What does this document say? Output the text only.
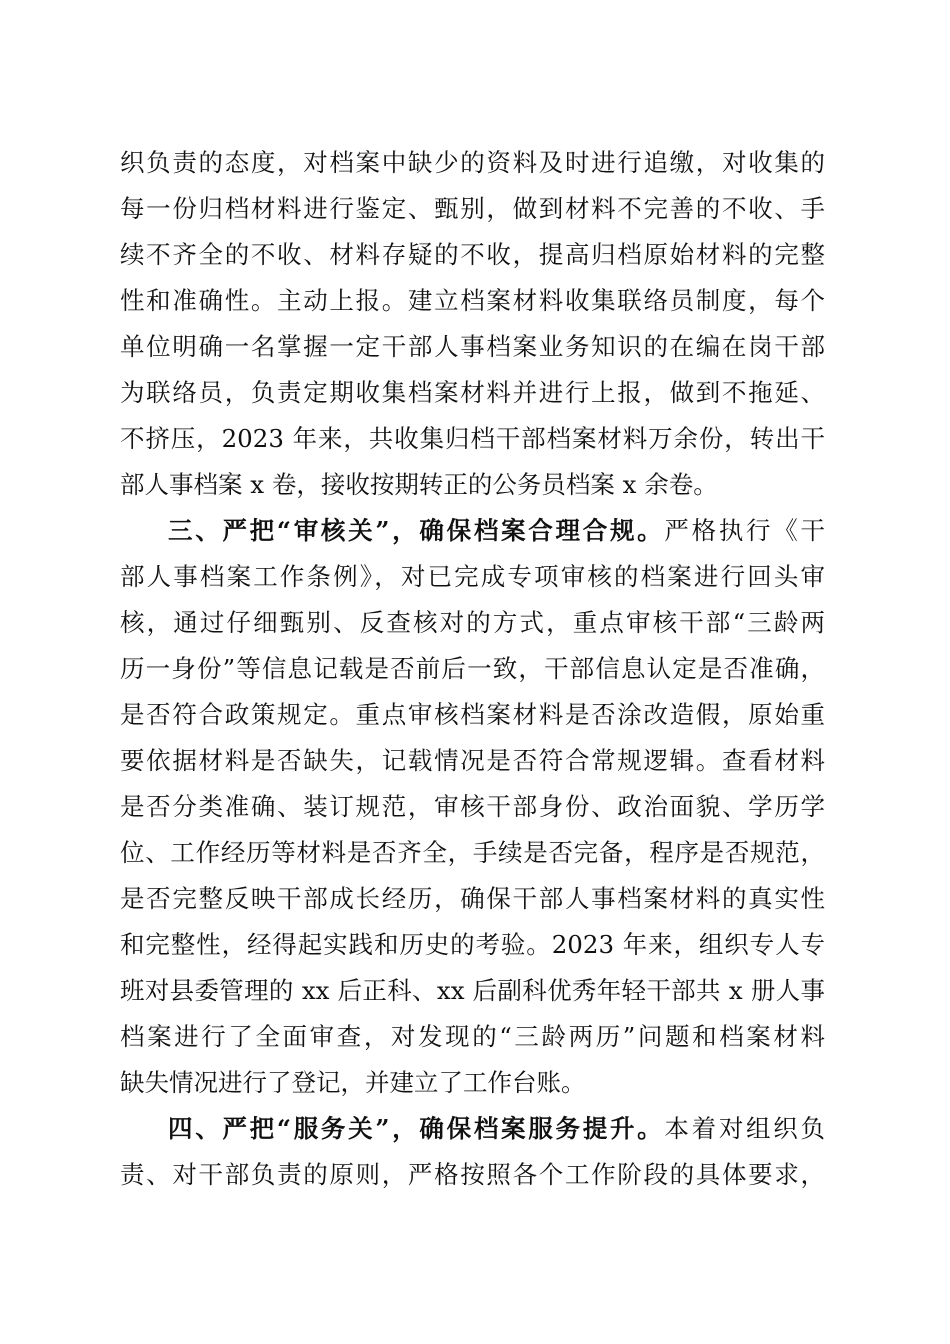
织负责的态度，对档案中缺少的资料及时进行追缴，对收集的
每一份归档材料进行鉴定、甄别，做到材料不完善的不收、手
续不齐全的不收、材料存疑的不收，提高归档原始材料的完整
性和准确性。主动上报。建立档案材料收集联络员制度，每个
单位明确一名掌握一定干部人事档案业务知识的在编在岗干部
为联络员，负责定期收集档案材料并进行上报，做到不拖延、
不挤压，2023 年来，共收集归档干部档案材料万余份，转出干
部人事档案 x 卷，接收按期转正的公务员档案 x 余卷。
三、严把“审核关”，确保档案合理合规。严格执行《干
部人事档案工作条例》，对已完成专项审核的档案进行回头审
核，通过仔细甄别、反查核对的方式，重点审核干部“三龄两
历一身份”等信息记载是否前后一致，干部信息认定是否准确，
是否符合政策规定。重点审核档案材料是否涂改造假，原始重
要依据材料是否缺失，记载情况是否符合常规逻辑。查看材料
是否分类准确、装订规范，审核干部身份、政治面貌、学历学
位、工作经历等材料是否齐全，手续是否完备，程序是否规范，
是否完整反映干部成长经历，确保干部人事档案材料的真实性
和完整性，经得起实践和历史的考验。2023 年来，组织专人专
班对县委管理的 xx 后正科、xx 后副科优秀年轻干部共 x 册人事
档案进行了全面审查，对发现的“三龄两历”问题和档案材料
缺失情况进行了登记，并建立了工作台账。
四、严把“服务关”，确保档案服务提升。本着对组织负
责、对干部负责的原则，严格按照各个工作阶段的具体要求，
